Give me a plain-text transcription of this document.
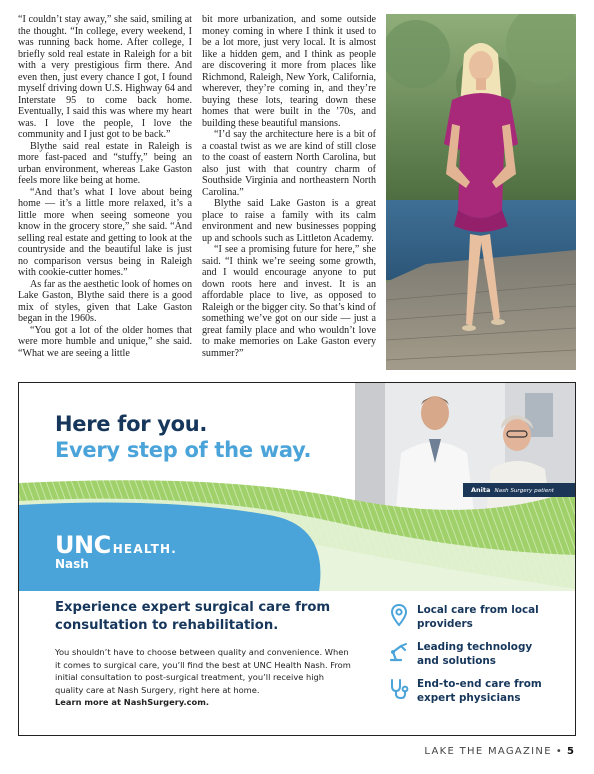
“I couldn’t stay away,” she said, smiling at the thought. “In college, every weekend, I was running back home. After college, I briefly sold real estate in Raleigh for a bit with a very prestigious firm there. And even then, just every chance I got, I found myself driving down U.S. Highway 64 and Interstate 95 to come back home. Eventually, I said this was where my heart was. I love the people, I love the community and I just got to be back.”

Blythe said real estate in Raleigh is more fast-paced and “stuffy,” being an urban environment, whereas Lake Gaston feels more like being at home.

“And that’s what I love about being home — it’s a little more relaxed, it’s a little more when seeing someone you know in the grocery store,” she said. “And selling real estate and getting to look at the countryside and the beautiful lake is just no comparison versus being in Raleigh with cookie-cutter homes.”

As far as the aesthetic look of homes on Lake Gaston, Blythe said there is a good mix of styles, given that Lake Gaston began in the 1960s.

“You got a lot of the older homes that were more humble and unique,” she said. “What we are seeing a little

bit more urbanization, and some outside money coming in where I think it used to be a lot more, just very local. It is almost like a hidden gem, and I think as people are discovering it more from places like Richmond, Raleigh, New York, California, wherever, they’re coming in, and they’re buying these lots, tearing down these homes that were built in the ’70s, and building these beautiful mansions.

“I’d say the architecture here is a bit of a coastal twist as we are kind of still close to the coast of eastern North Carolina, but also just with that country charm of Southside Virginia and northeastern North Carolina.”

Blythe said Lake Gaston is a great place to raise a family with its calm environment and new businesses popping up and schools such as Littleton Academy.

“I see a promising future for here,” she said. “I think we’re seeing some growth, and I would encourage anyone to put down roots here and invest. It is an affordable place to live, as opposed to Raleigh or the bigger city. So that’s kind of something we’ve got on our side — just a great family place and who wouldn’t love to make memories on Lake Gaston every summer?”

Here for you.
Every step of the way.
Anita Nash Surgery patient
UNC HEALTH.
Nash
Experience expert surgical care from consultation to rehabilitation.
You shouldn’t have to choose between quality and convenience. When it comes to surgical care, you’ll find the best at UNC Health Nash. From initial consultation to post-surgical treatment, you’ll receive high quality care at Nash Surgery, right here at home.
Learn more at NashSurgery.com.
Local care from local providers
Leading technology and solutions
End-to-end care from expert physicians
LAKE THE MAGAZINE • 5
